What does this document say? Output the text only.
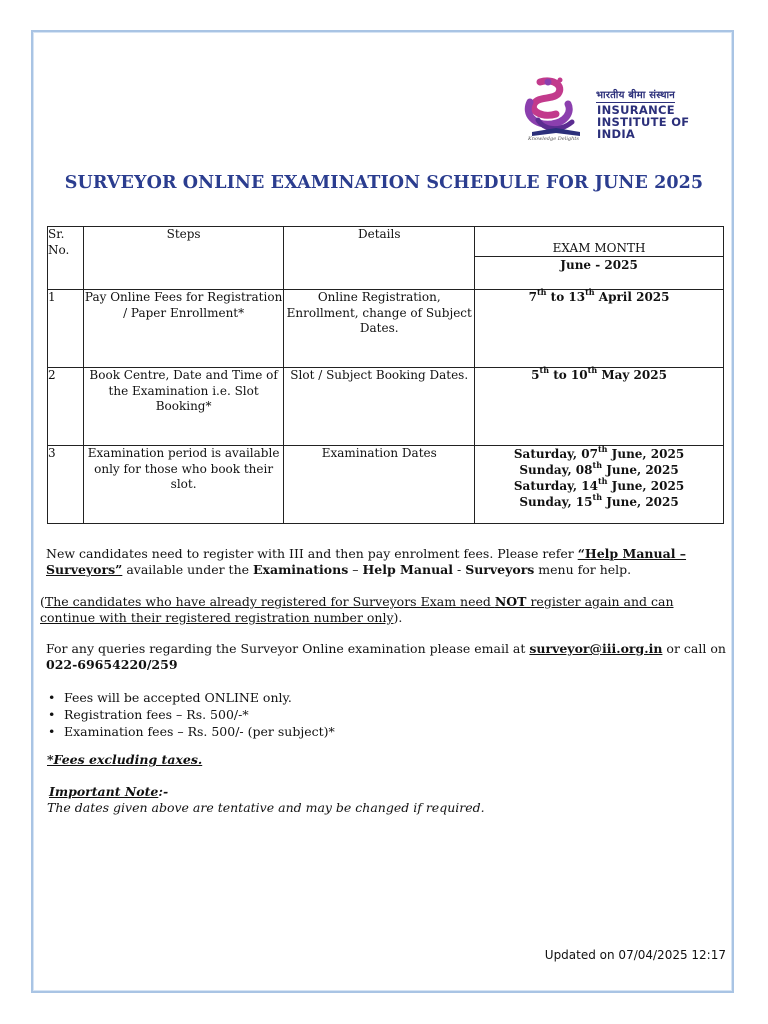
भारतीय बीमा संस्थान
INSURANCE
INSTITUTE OF
INDIA
Knowledge Delights
SURVEYOR ONLINE EXAMINATION SCHEDULE FOR JUNE 2025
Sr. No.	Steps	Details	EXAM MONTH
June - 2025

1	Pay Online Fees for Registration / Paper Enrollment*	Online Registration, Enrollment, change of Subject Dates.	7th to 13th April 2025
2	Book Centre, Date and Time of the Examination i.e. Slot Booking*	Slot / Subject Booking Dates.	5th to 10th May 2025
3	Examination period is available only for those who book their slot.	Examination Dates	Saturday, 07th June, 2025
Sunday, 08th June, 2025
Saturday, 14th June, 2025
Sunday, 15th June, 2025
New candidates need to register with III and then pay enrolment fees. Please refer “Help Manual – Surveyors” available under the Examinations – Help Manual - Surveyors menu for help.
(The candidates who have already registered for Surveyors Exam need NOT register again and can continue with their registered registration number only).
For any queries regarding the Surveyor Online examination please email at surveyor@iii.org.in or call on
022-69654220/259
• Fees will be accepted ONLINE only.
• Registration fees – Rs. 500/-*
• Examination fees – Rs. 500/- (per subject)*
*Fees excluding taxes.
Important Note:-
The dates given above are tentative and may be changed if required.
Updated on 07/04/2025 12:17
